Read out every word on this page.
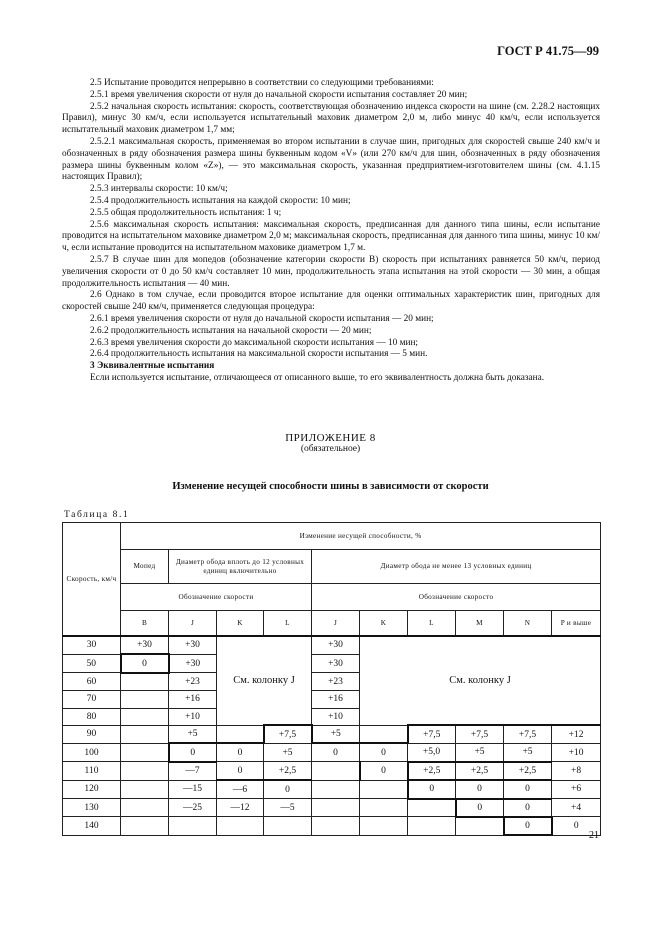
ГОСТ Р 41.75—99

2.5 Испытание проводится непрерывно в соответствии со следующими требованиями:

2.5.1 время увеличения скорости от нуля до начальной скорости испытания составляет 20 мин;

2.5.2 начальная скорость испытания: скорость, соответствующая обозначению индекса скорости на шине (см. 2.28.2 настоящих Правил), минус 30 км/ч, если используется испытательный маховик диаметром 2,0 м, либо минус 40 км/ч, если используется испытательный маховик диаметром 1,7 мм;

2.5.2.1 максимальная скорость, применяемая во втором испытании в случае шин, пригодных для скоростей свыше 240 км/ч и обозначенных в ряду обозначения размера шины буквенным кодом «V» (или 270 км/ч для шин, обозначенных в ряду обозначения размера шины буквенным колом «Z»), — это максимальная скорость, указанная предприятием-изготовителем шины (см. 4.1.15 настоящих Правил);

2.5.3 интервалы скорости: 10 км/ч;

2.5.4 продолжительность испытания на каждой скорости: 10 мин;

2.5.5 общая продолжительность испытания: 1 ч;

2.5.6 максимальная скорость испытания: максимальная скорость, предписанная для данного типа шины, если испытание проводится на испытательном маховике диаметром 2,0 м; максимальная скорость, предписанная для данного типа шины, минус 10 км/ч, если испытание проводится на испытательном маховике диаметром 1,7 м.

2.5.7 В случае шин для мопедов (обозначение категории скорости В) скорость при испытаниях равняется 50 км/ч, период увеличения скорости от 0 до 50 км/ч составляет 10 мин, продолжительность этапа испытания на этой скорости — 30 мин, а общая продолжительность испытания — 40 мин.

2.6 Однако в том случае, если проводится второе испытание для оценки оптимальных характеристик шин, пригодных для скоростей свыше 240 км/ч, применяется следующая процедура:

2.6.1 время увеличения скорости от нуля до начальной скорости испытания — 20 мин;

2.6.2 продолжительность испытания на начальной скорости — 20 мин;

2.6.3 время увеличения скорости до максимальной скорости испытания — 10 мин;

2.6.4 продолжительность испытания на максимальной скорости испытания — 5 мин.

3 Эквивалентные испытания

Если используется испытание, отличающееся от описанного выше, то его эквивалентность должна быть доказана.

ПРИЛОЖЕНИЕ 8
(обязательное)
Изменение несущей способности шины в зависимости от скорости
Таблица 8.1
Скорость, км/ч	Изменение несущей способности, %									
	Мопед	Диаметр обода вплоть до 12 условных единиц включительно			Диаметр обода не менее 13 условных единиц					
	Обозначение скорости				Обозначение скоросто					
	B	J	K	L	J	K	L	M	N	P и выше
30	+30	+30	См. колонку J		+30	См. колонку J				
50	0	+30			+30					
60		+23			+23					
70		+16			+16					
80		+10			+10					
90		+5		+7,5	+5		+7,5	+7,5	+7,5	+12
100		0	0	+5	0	0	+5,0	+5	+5	+10
110		—7	0	+2,5		0	+2,5	+2,5	+2,5	+8
120		—15	—6	0			0	0	0	+6
130		—25	—12	—5				0	0	+4
140									0	0
21
